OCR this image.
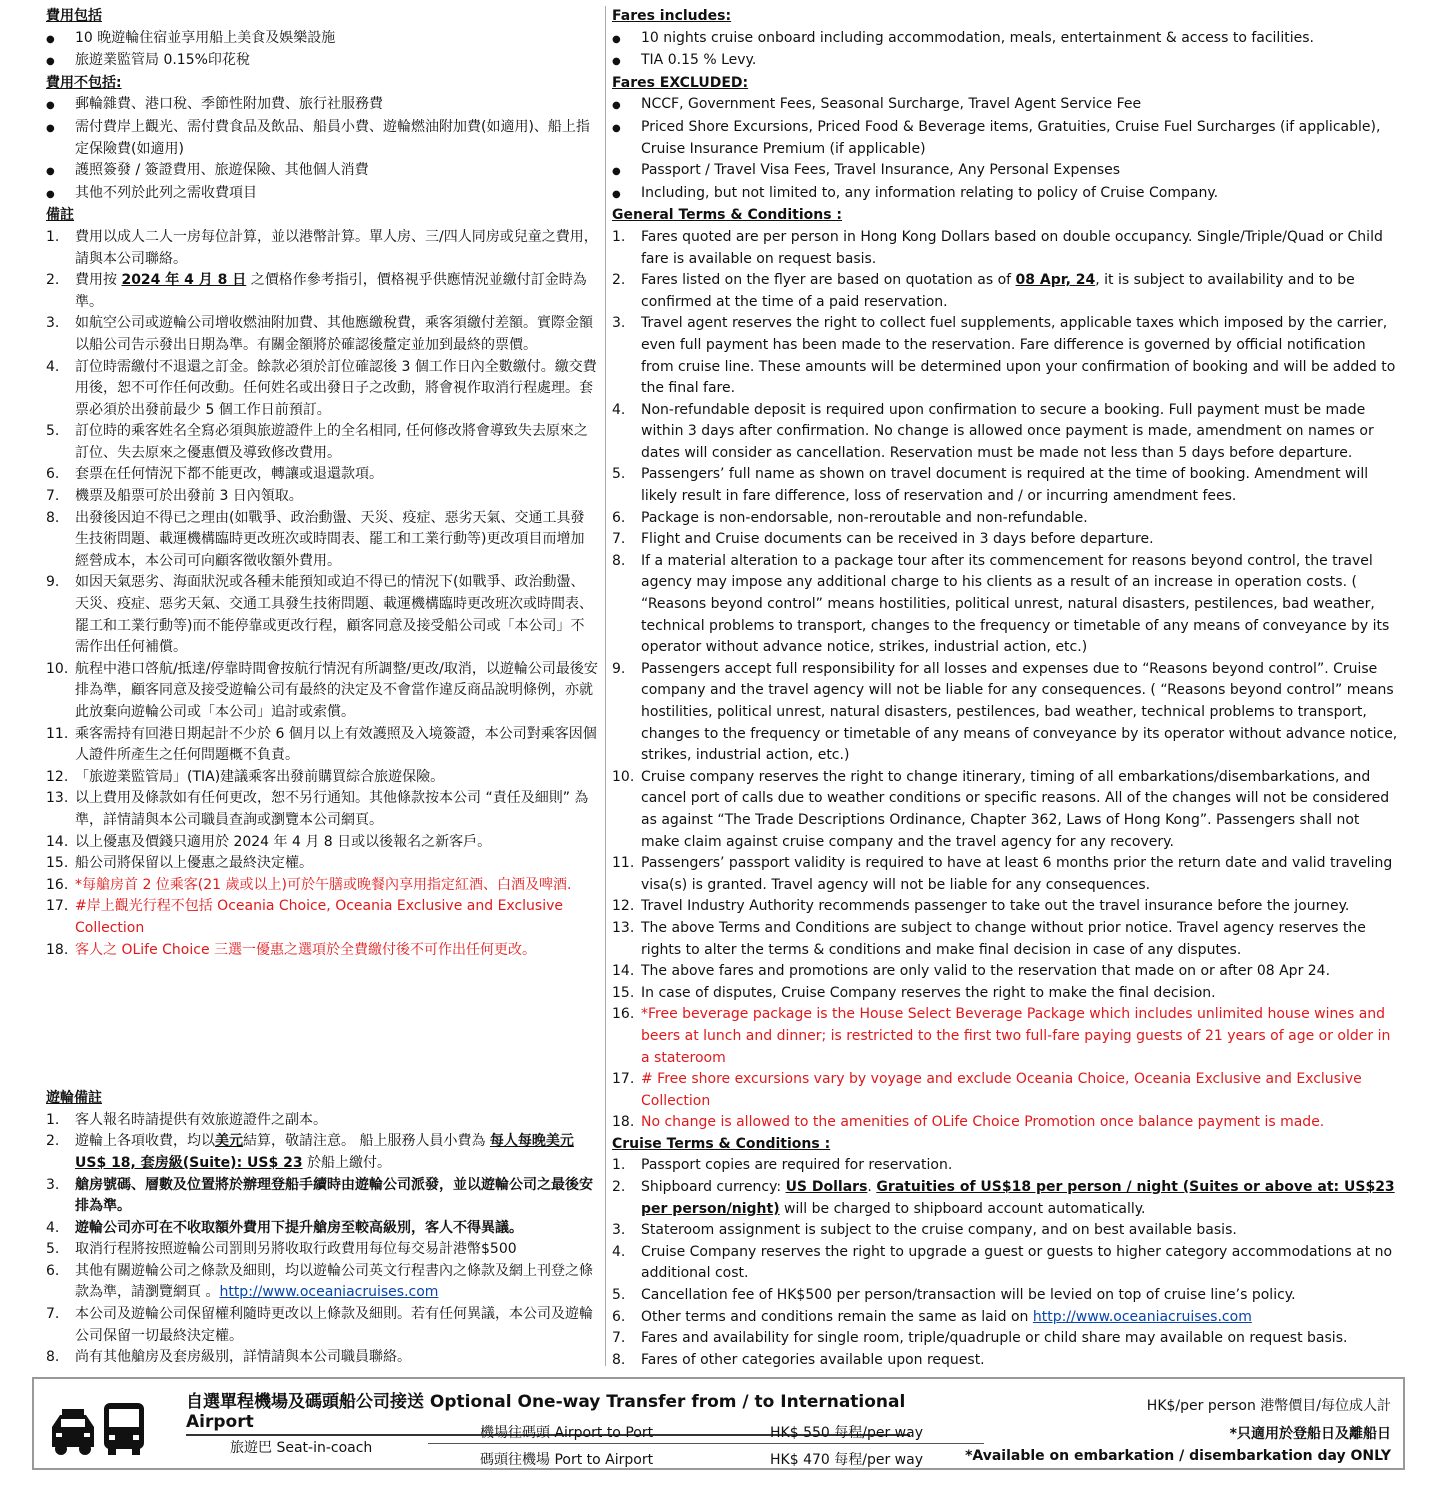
費用包括
●
10 晚遊輪住宿並享用船上美食及娛樂設施
●
旅遊業監管局 0.15%印花稅
費用不包括:
●
郵輪雜費、港口稅、季節性附加費、旅行社服務費
●
需付費岸上觀光、需付費食品及飲品、船員小費、遊輪燃油附加費(如適用)、船上指定保險費(如適用)
●
護照簽發 / 簽證費用、旅遊保險、其他個人消費
●
其他不列於此列之需收費項目
備註
1.	費用以成人二人一房每位計算，並以港幣計算。單人房、三/四人同房或兒童之費用，請與本公司聯絡。
2.	費用按 2024 年 4 月 8 日 之價格作參考指引，價格視乎供應情況並繳付訂金時為準。
3.	如航空公司或遊輪公司增收燃油附加費、其他應繳稅費，乘客須繳付差額。實際金額以船公司告示發出日期為準。有關金額將於確認後釐定並加到最終的票價。
4.	訂位時需繳付不退還之訂金。餘款必須於訂位確認後 3 個工作日內全數繳付。繳交費用後，恕不可作任何改動。任何姓名或出發日子之改動，將會視作取消行程處理。套票必須於出發前最少 5 個工作日前預訂。
5.	訂位時的乘客姓名全寫必須與旅遊證件上的全名相同, 任何修改將會導致失去原來之訂位、失去原來之優惠價及導致修改費用。
6.	套票在任何情況下都不能更改，轉讓或退還款項。
7.	機票及船票可於出發前 3 日內領取。
8.	出發後因迫不得已之理由(如戰爭、政治動盪、天災、疫症、惡劣天氣、交通工具發生技術問題、載運機構臨時更改班次或時間表、罷工和工業行動等)更改項目而增加經營成本，本公司可向顧客徵收額外費用。
9.	如因天氣惡劣、海面狀況或各種未能預知或迫不得已的情況下(如戰爭、政治動盪、天災、疫症、惡劣天氣、交通工具發生技術問題、載運機構臨時更改班次或時間表、罷工和工業行動等)而不能停靠或更改行程，顧客同意及接受船公司或「本公司」不需作出任何補償。
10. 航程中港口啓航/抵達/停靠時間會按航行情況有所調整/更改/取消，以遊輪公司最後安排為準，顧客同意及接受遊輪公司有最終的決定及不會當作違反商品說明條例，亦就此放棄向遊輪公司或「本公司」追討或索償。
11. 乘客需持有回港日期起計不少於 6 個月以上有效護照及入境簽證，本公司對乘客因個人證件所產生之任何問題概不負責。
12. 「旅遊業監管局」(TIA)建議乘客出發前購買綜合旅遊保險。
13. 以上費用及條款如有任何更改，恕不另行通知。其他條款按本公司 “責任及細則” 為準，詳情請與本公司職員查詢或瀏覽本公司網頁。
14. 以上優惠及價錢只適用於 2024 年 4 月 8 日或以後報名之新客戶。
15. 船公司將保留以上優惠之最終決定權。
16. *每艙房首 2 位乘客(21 歲或以上)可於午膳或晚餐內享用指定紅酒、白酒及啤酒.
17. #岸上觀光行程不包括 Oceania Choice, Oceania Exclusive and Exclusive Collection
18. 客人之 OLife Choice 三選一優惠之選項於全費繳付後不可作出任何更改。
遊輪備註
1.	客人報名時請提供有效旅遊證件之副本。
2.	遊輪上各項收費，均以美元結算，敬請注意。 船上服務人員小費為 每人每晚美元 US$ 18, 套房級(Suite): US$ 23 於船上繳付。
3.	艙房號碼、層數及位置將於辦理登船手續時由遊輪公司派發，並以遊輪公司之最後安排為準。
4.	遊輪公司亦可在不收取額外費用下提升艙房至較高級別，客人不得異議。
5.	取消行程將按照遊輪公司罰則另將收取行政費用每位每交易計港幣$500
6.	其他有關遊輪公司之條款及細則，均以遊輪公司英文行程書內之條款及網上刊登之條款為準，請瀏覽網頁 。http://www.oceaniacruises.com
7.	本公司及遊輪公司保留權利隨時更改以上條款及細則。若有任何異議，本公司及遊輪公司保留一切最終決定權。
8.	尚有其他艙房及套房級別，詳情請與本公司職員聯絡。
Fares includes:
●
10 nights cruise onboard including accommodation, meals, entertainment & access to facilities.
●
TIA 0.15 % Levy.
Fares EXCLUDED:
●
NCCF, Government Fees, Seasonal Surcharge, Travel Agent Service Fee
●
Priced Shore Excursions, Priced Food & Beverage items, Gratuities, Cruise Fuel Surcharges (if applicable), Cruise Insurance Premium (if applicable)
●
Passport / Travel Visa Fees, Travel Insurance, Any Personal Expenses
●
Including, but not limited to, any information relating to policy of Cruise Company.
General Terms & Conditions :
1.	Fares quoted are per person in Hong Kong Dollars based on double occupancy. Single/Triple/Quad or Child fare is available on request basis.
2.	Fares listed on the flyer are based on quotation as of 08 Apr, 24, it is subject to availability and to be confirmed at the time of a paid reservation.
3.	Travel agent reserves the right to collect fuel supplements, applicable taxes which imposed by the carrier, even full payment has been made to the reservation. Fare difference is governed by official notification from cruise line. These amounts will be determined upon your confirmation of booking and will be added to the final fare.
4.	Non-refundable deposit is required upon confirmation to secure a booking. Full payment must be made within 3 days after confirmation. No change is allowed once payment is made, amendment on names or dates will consider as cancellation. Reservation must be made not less than 5 days before departure.
5.	Passengers’ full name as shown on travel document is required at the time of booking. Amendment will likely result in fare difference, loss of reservation and / or incurring amendment fees.
6.	Package is non-endorsable, non-reroutable and non-refundable.
7.	Flight and Cruise documents can be received in 3 days before departure.
8.	If a material alteration to a package tour after its commencement for reasons beyond control, the travel agency may impose any additional charge to his clients as a result of an increase in operation costs. ( “Reasons beyond control” means hostilities, political unrest, natural disasters, pestilences, bad weather, technical problems to transport, changes to the frequency or timetable of any means of conveyance by its operator without advance notice, strikes, industrial action, etc.)
9.	Passengers accept full responsibility for all losses and expenses due to “Reasons beyond control”. Cruise company and the travel agency will not be liable for any consequences. ( “Reasons beyond control” means hostilities, political unrest, natural disasters, pestilences, bad weather, technical problems to transport, changes to the frequency or timetable of any means of conveyance by its operator without advance notice, strikes, industrial action, etc.)
10. Cruise company reserves the right to change itinerary, timing of all embarkations/disembarkations, and cancel port of calls due to weather conditions or specific reasons. All of the changes will not be considered as against “The Trade Descriptions Ordinance, Chapter 362, Laws of Hong Kong”. Passengers shall not make claim against cruise company and the travel agency for any recovery.
11. Passengers’ passport validity is required to have at least 6 months prior the return date and valid traveling visa(s) is granted. Travel agency will not be liable for any consequences.
12. Travel Industry Authority recommends passenger to take out the travel insurance before the journey.
13. The above Terms and Conditions are subject to change without prior notice. Travel agency reserves the rights to alter the terms & conditions and make final decision in case of any disputes.
14. The above fares and promotions are only valid to the reservation that made on or after 08 Apr 24.
15. In case of disputes, Cruise Company reserves the right to make the final decision.
16. *Free beverage package is the House Select Beverage Package which includes unlimited house wines and beers at lunch and dinner; is restricted to the first two full-fare paying guests of 21 years of age or older in a stateroom
17. # Free shore excursions vary by voyage and exclude Oceania Choice, Oceania Exclusive and Exclusive Collection
18. No change is allowed to the amenities of OLife Choice Promotion once balance payment is made.
Cruise Terms & Conditions :
1.	Passport copies are required for reservation.
2.	Shipboard currency: US Dollars. Gratuities of US$18 per person / night (Suites or above at: US$23 per person/night) will be charged to shipboard account automatically.
3.	Stateroom assignment is subject to the cruise company, and on best available basis.
4.	Cruise Company reserves the right to upgrade a guest or guests to higher category accommodations at no additional cost.
5.	Cancellation fee of HK$500 per person/transaction will be levied on top of cruise line’s policy.
6.	Other terms and conditions remain the same as laid on http://www.oceaniacruises.com
7.	Fares and availability for single room, triple/quadruple or child share may available on request basis.
8.	Fares of other categories available upon request.
自選單程機場及碼頭船公司接送 Optional One-way Transfer from / to International Airport
旅遊巴 Seat-in-coach
機場往碼頭 Airport to Port	HK$ 550 每程/per way
碼頭往機場 Port to Airport	HK$ 470 每程/per way
HK$/per person 港幣價目/每位成人計
*只適用於登船日及離船日
*Available on embarkation / disembarkation day ONLY
